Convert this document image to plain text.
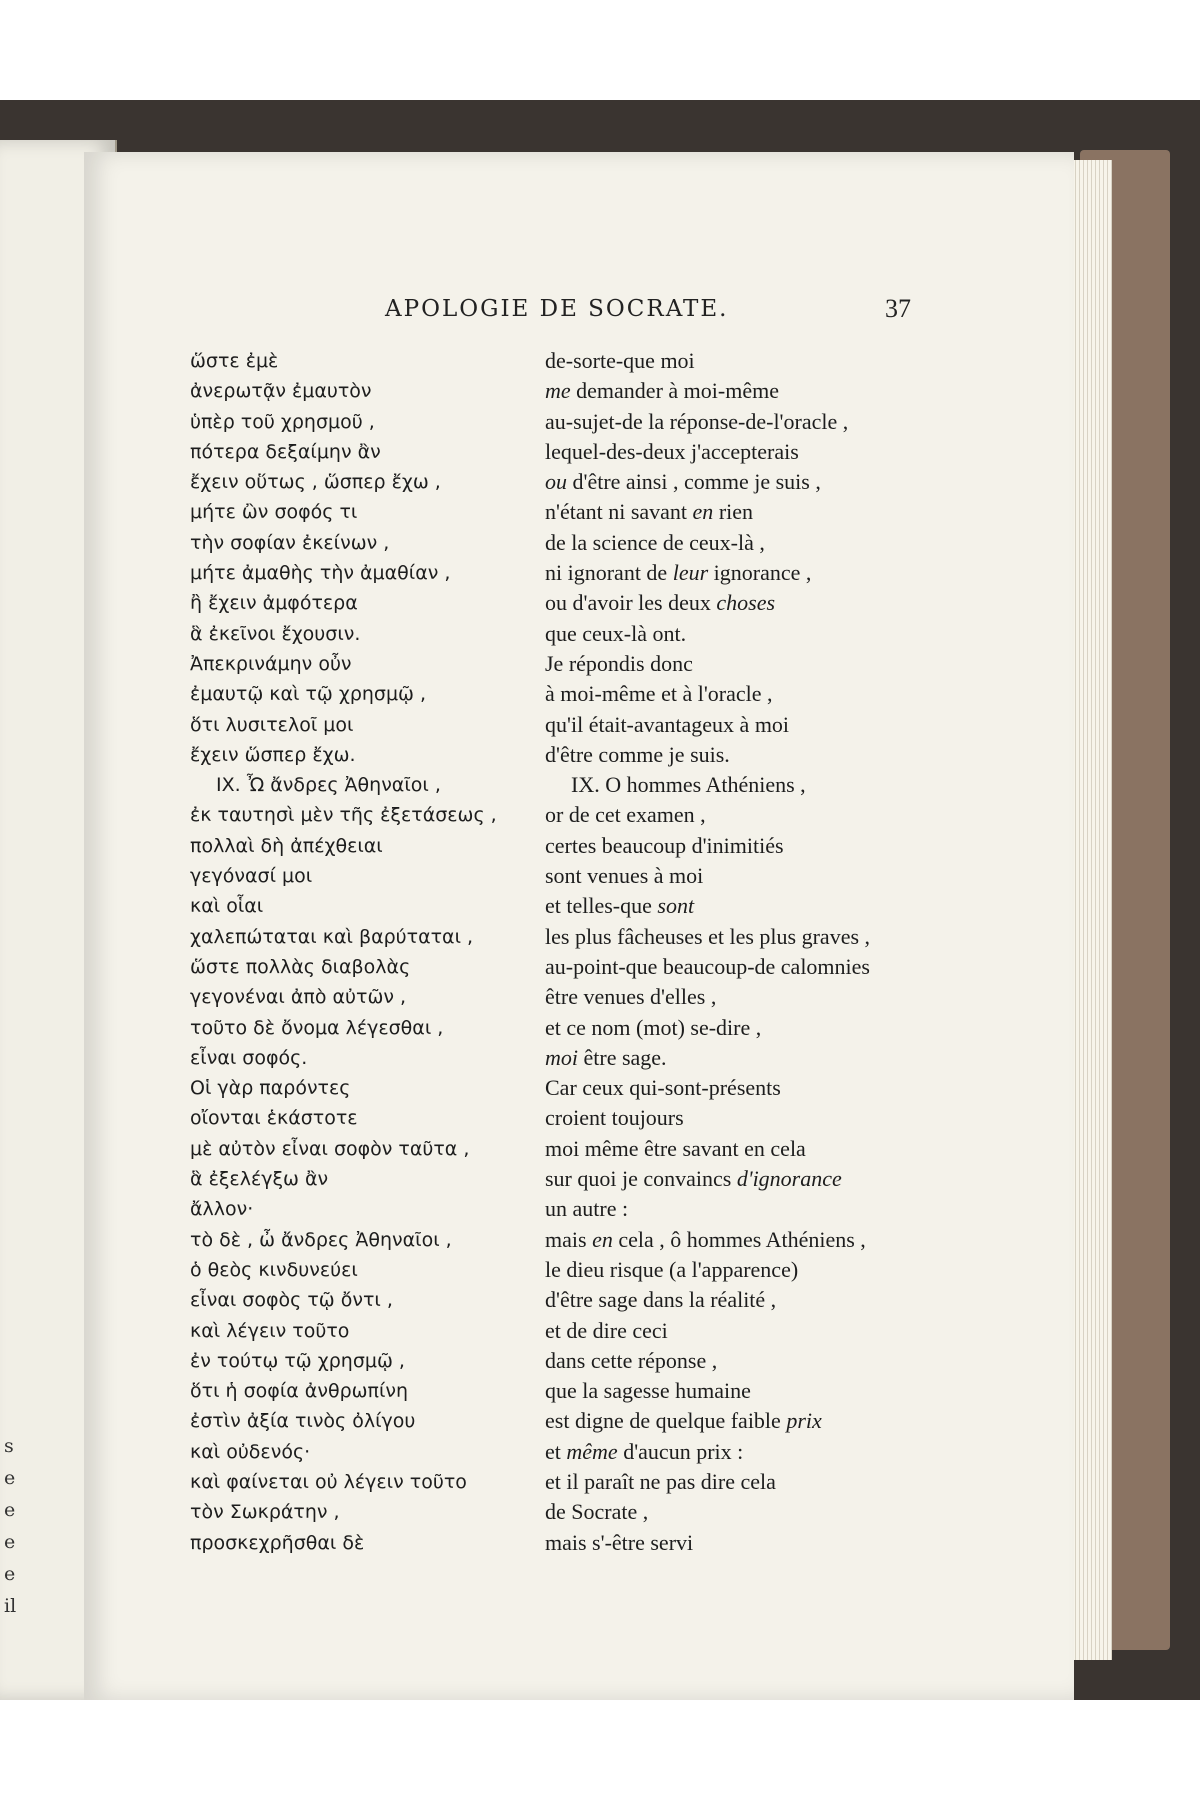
s
e
e
e
e
il
APOLOGIE DE SOCRATE.	37
ὥστε ἐμὲ
ἀνερωτᾷν ἐμαυτὸν
ὑπὲρ τοῦ χρησμοῦ ,
πότερα δεξαίμην ἂν
ἔχειν οὕτως , ὥσπερ ἔχω ,
μήτε ὢν σοφός τι
τὴν σοφίαν ἐκείνων ,
μήτε ἀμαθὴς τὴν ἀμαθίαν ,
ἢ ἔχειν ἀμφότερα
ἃ ἐκεῖνοι ἔχουσιν.
Ἀπεκρινάμην οὖν
ἐμαυτῷ καὶ τῷ χρησμῷ ,
ὅτι λυσιτελοῖ μοι
ἔχειν ὥσπερ ἔχω.
IX. Ὦ ἄνδρες Ἀθηναῖοι ,
ἐκ ταυτησὶ μὲν τῆς ἐξετάσεως ,
πολλαὶ δὴ ἀπέχθειαι
γεγόνασί μοι
καὶ οἷαι
χαλεπώταται καὶ βαρύταται ,
ὥστε πολλὰς διαβολὰς
γεγονέναι ἀπὸ αὐτῶν ,
τοῦτο δὲ ὄνομα λέγεσθαι ,
εἶναι σοφός.
Οἱ γὰρ παρόντες
οἴονται ἑκάστοτε
μὲ αὐτὸν εἶναι σοφὸν ταῦτα ,
ἃ ἐξελέγξω ἂν
ἄλλον·
τὸ δὲ , ὦ ἄνδρες Ἀθηναῖοι ,
ὁ θεὸς κινδυνεύει
εἶναι σοφὸς τῷ ὄντι ,
καὶ λέγειν τοῦτο
ἐν τούτῳ τῷ χρησμῷ ,
ὅτι ἡ σοφία ἀνθρωπίνη
ἐστὶν ἀξία τινὸς ὀλίγου
καὶ οὐδενός·
καὶ φαίνεται οὐ λέγειν τοῦτο
τὸν Σωκράτην ,
προσκεχρῆσθαι δὲ
de-sorte-que moi
me demander à moi-même
au-sujet-de la réponse-de-l'oracle ,
lequel-des-deux j'accepterais
ou d'être ainsi , comme je suis ,
n'étant ni savant en rien
de la science de ceux-là ,
ni ignorant de leur ignorance ,
ou d'avoir les deux choses
que ceux-là ont.
Je répondis donc
à moi-même et à l'oracle ,
qu'il était-avantageux à moi
d'être comme je suis.
IX. O hommes Athéniens ,
or de cet examen ,
certes beaucoup d'inimitiés
sont venues à moi
et telles-que sont
les plus fâcheuses et les plus graves ,
au-point-que beaucoup-de calomnies
être venues d'elles ,
et ce nom (mot) se-dire ,
moi être sage.
Car ceux qui-sont-présents
croient toujours
moi même être savant en cela
sur quoi je convaincs d'ignorance
un autre :
mais en cela , ô hommes Athéniens ,
le dieu risque (a l'apparence)
d'être sage dans la réalité ,
et de dire ceci
dans cette réponse ,
que la sagesse humaine
est digne de quelque faible prix
et même d'aucun prix :
et il paraît ne pas dire cela
de Socrate ,
mais s'-être servi
